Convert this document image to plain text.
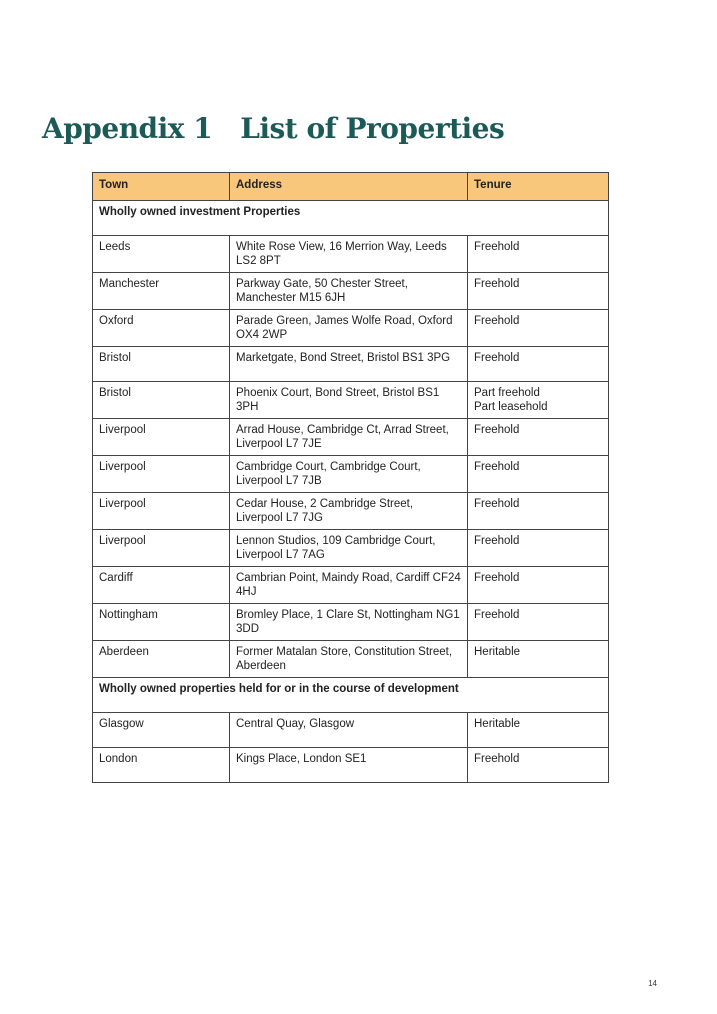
Appendix 1 List of Properties
Town	Address	Tenure
Wholly owned investment Properties		
Leeds	White Rose View, 16 Merrion Way, Leeds LS2 8PT	Freehold
Manchester	Parkway Gate, 50 Chester Street, Manchester M15 6JH	Freehold
Oxford	Parade Green, James Wolfe Road, Oxford OX4 2WP	Freehold
Bristol	Marketgate, Bond Street, Bristol BS1 3PG	Freehold
Bristol	Phoenix Court, Bond Street, Bristol BS1 3PH	Part freehold
Part leasehold
Liverpool	Arrad House, Cambridge Ct, Arrad Street, Liverpool L7 7JE	Freehold
Liverpool	Cambridge Court, Cambridge Court, Liverpool L7 7JB	Freehold
Liverpool	Cedar House, 2 Cambridge Street, Liverpool L7 7JG	Freehold
Liverpool	Lennon Studios, 109 Cambridge Court, Liverpool L7 7AG	Freehold
Cardiff	Cambrian Point, Maindy Road, Cardiff CF24 4HJ	Freehold
Nottingham	Bromley Place, 1 Clare St, Nottingham NG1 3DD	Freehold
Aberdeen	Former Matalan Store, Constitution Street, Aberdeen	Heritable
Wholly owned properties held for or in the course of development		
Glasgow	Central Quay, Glasgow	Heritable
London	Kings Place, London SE1	Freehold
14
